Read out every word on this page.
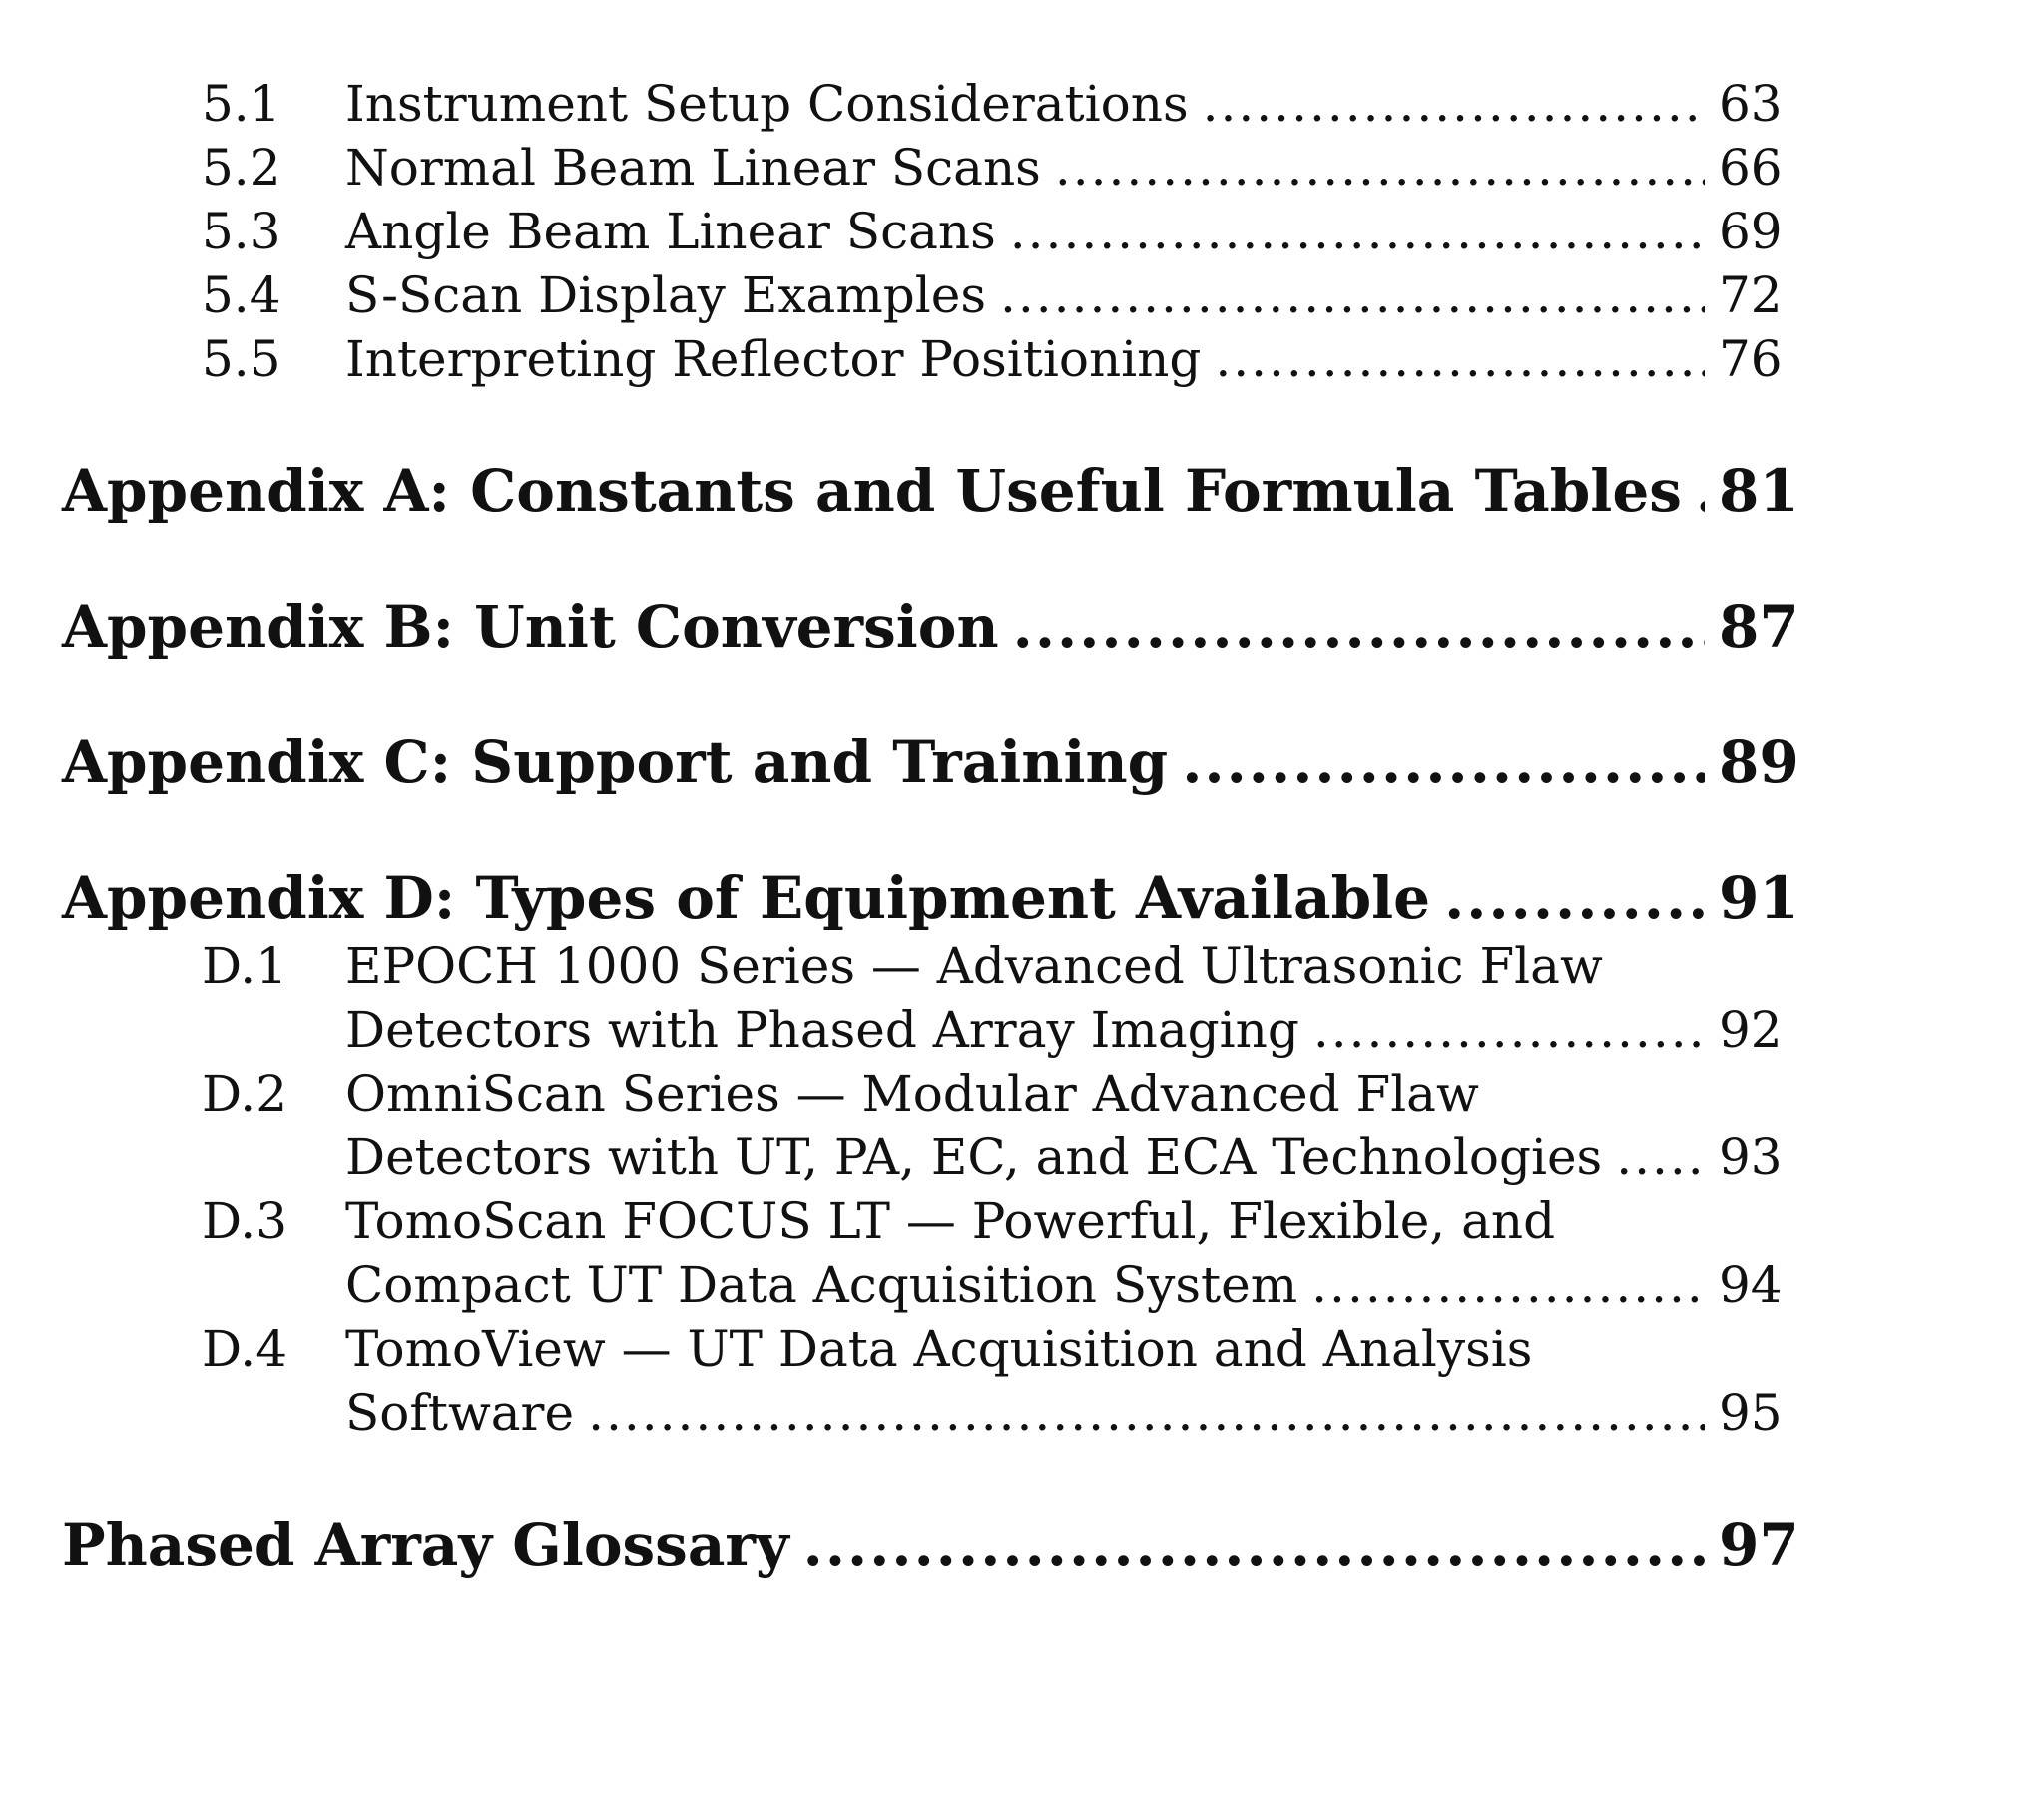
5.1	Instrument Setup Considerations .....	63
5.2	Normal Beam Linear Scans .....	66
5.3	Angle Beam Linear Scans .....	69
5.4	S-Scan Display Examples .....	72
5.5	Interpreting Reflector Positioning .....	76
Appendix A: Constants and Useful Formula Tables ..... 81
Appendix B: Unit Conversion .....	87
Appendix C: Support and Training .....	89
Appendix D: Types of Equipment Available .....	91
D.1	EPOCH 1000 Series — Advanced Ultrasonic Flaw
Detectors with Phased Array Imaging .....	92
D.2	OmniScan Series — Modular Advanced Flaw
Detectors with UT, PA, EC, and ECA Technologies ..... 93
D.3	TomoScan FOCUS LT — Powerful, Flexible, and
Compact UT Data Acquisition System .....	94
D.4	TomoView — UT Data Acquisition and Analysis
Software .....	95
Phased Array Glossary .....	97
